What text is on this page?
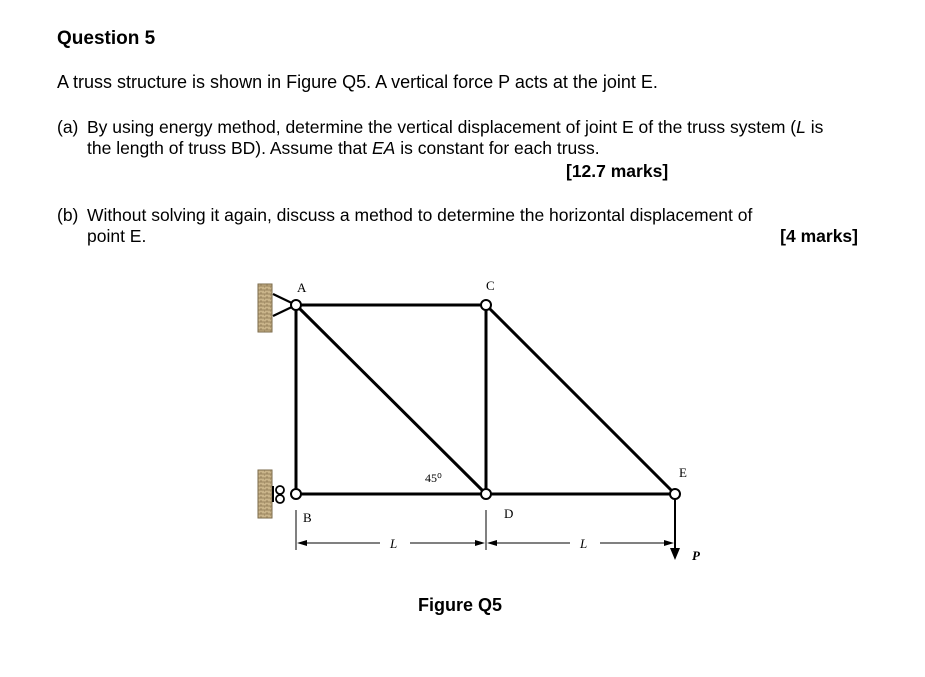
Question 5
A truss structure is shown in Figure Q5. A vertical force P acts at the joint E.
(a) By using energy method, determine the vertical displacement of joint E of the truss system (L is
the length of truss BD). Assume that EA is constant for each truss.
[12.7 marks]
(b) Without solving it again, discuss a method to determine the horizontal displacement of
point E.	[4 marks]
A
B
C
D
E
45⁰
L	L
P
Figure Q5
